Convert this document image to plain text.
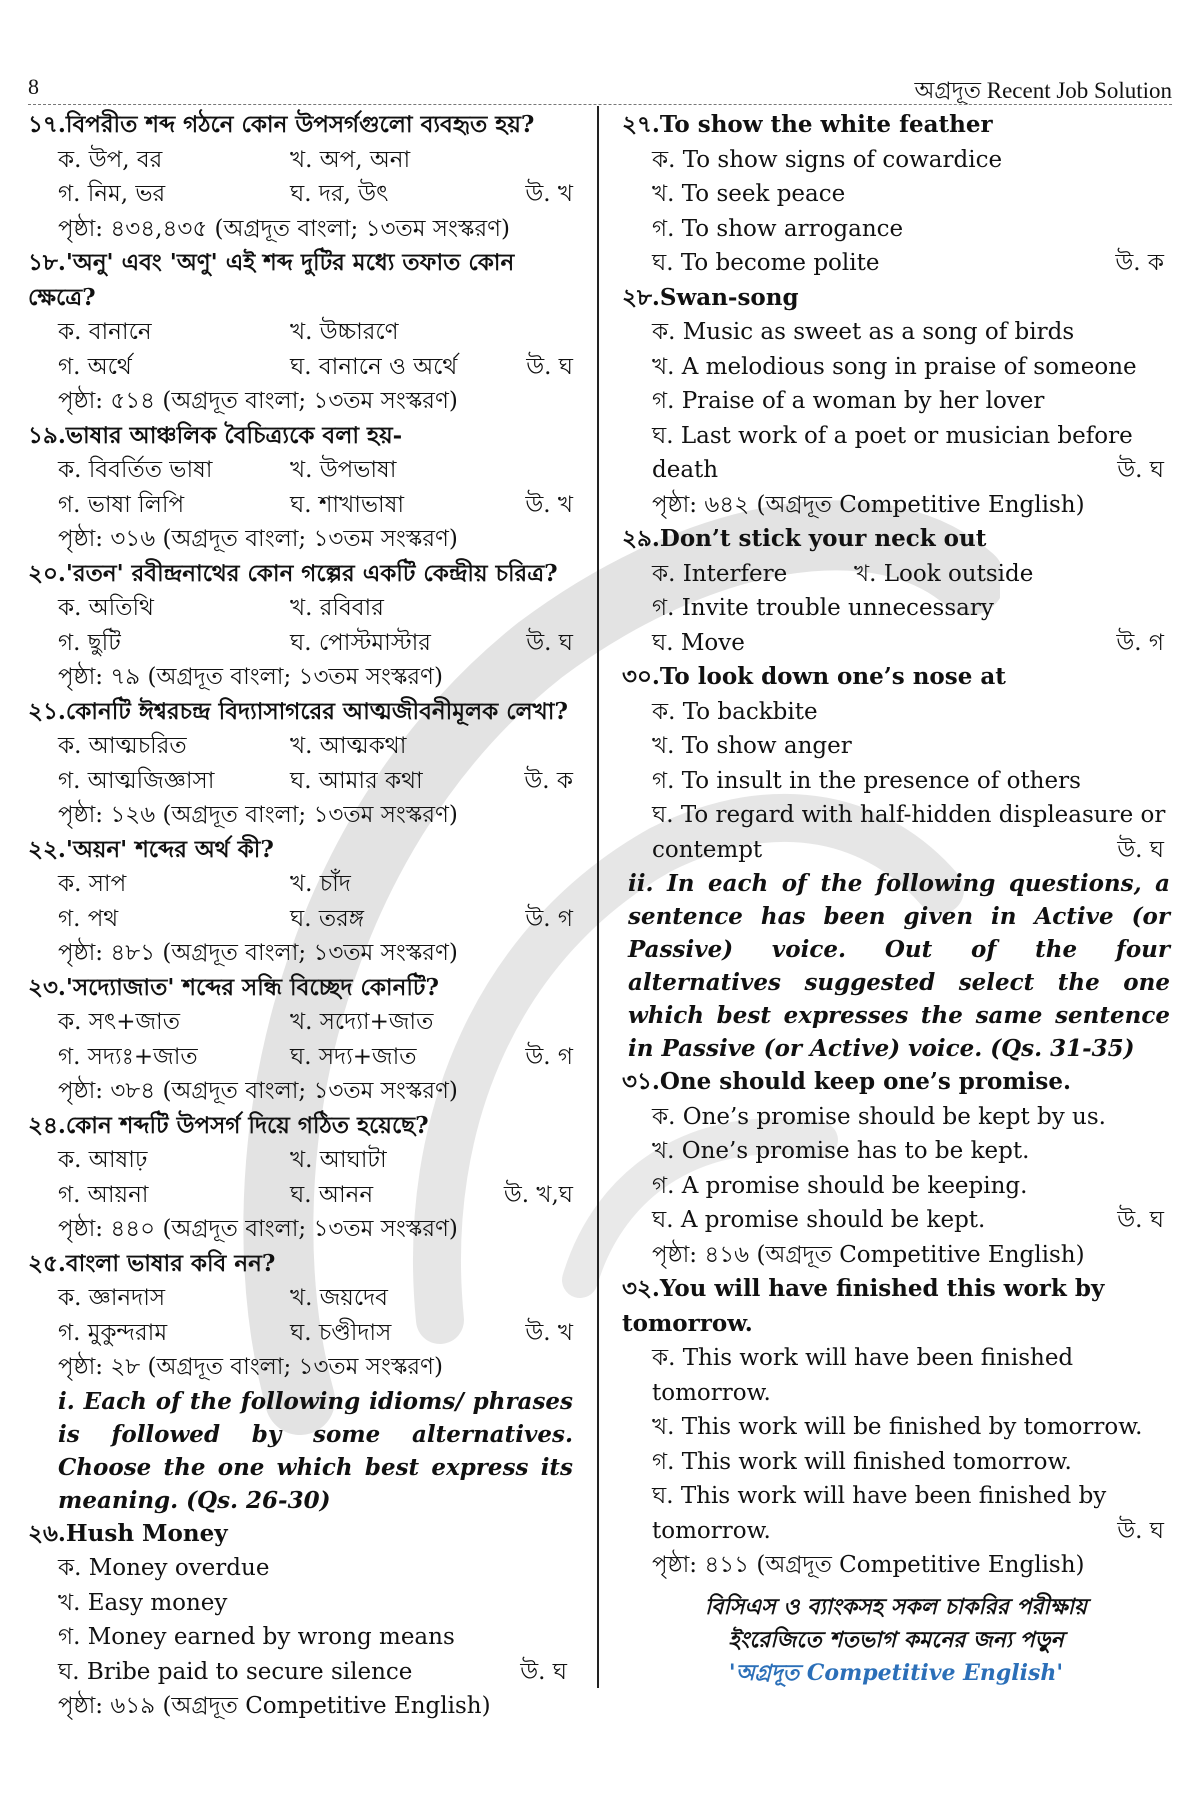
8	অগ্রদূত Recent Job Solution
১৭.বিপরীত শব্দ গঠনে কোন উপসর্গগুলো ব্যবহৃত হয়?
ক. উপ, বর	খ. অপ, অনা
গ. নিম, ভর	ঘ. দর, উৎ	উ. খ
পৃষ্ঠা: ৪৩৪,৪৩৫ (অগ্রদূত বাংলা; ১৩তম সংস্করণ)
১৮.'অনু' এবং 'অণু' এই শব্দ দুটির মধ্যে তফাত কোন ক্ষেত্রে?
ক. বানানে	খ. উচ্চারণে
গ. অর্থে	ঘ. বানানে ও অর্থে	উ. ঘ
পৃষ্ঠা: ৫১৪ (অগ্রদূত বাংলা; ১৩তম সংস্করণ)
১৯.ভাষার আঞ্চলিক বৈচিত্র্যকে বলা হয়-
ক. বিবর্তিত ভাষা	খ. উপভাষা
গ. ভাষা লিপি	ঘ. শাখাভাষা	উ. খ
পৃষ্ঠা: ৩১৬ (অগ্রদূত বাংলা; ১৩তম সংস্করণ)
২০.'রতন' রবীন্দ্রনাথের কোন গল্পের একটি কেন্দ্রীয় চরিত্র?
ক. অতিথি	খ. রবিবার
গ. ছুটি	ঘ. পোস্টমাস্টার	উ. ঘ
পৃষ্ঠা: ৭৯ (অগ্রদূত বাংলা; ১৩তম সংস্করণ)
২১.কোনটি ঈশ্বরচন্দ্র বিদ্যাসাগরের আত্মজীবনীমূলক লেখা?
ক. আত্মচরিত	খ. আত্মকথা
গ. আত্মজিজ্ঞাসা	ঘ. আমার কথা	উ. ক
পৃষ্ঠা: ১২৬ (অগ্রদূত বাংলা; ১৩তম সংস্করণ)
২২.'অয়ন' শব্দের অর্থ কী?
ক. সাপ	খ. চাঁদ
গ. পথ	ঘ. তরঙ্গ	উ. গ
পৃষ্ঠা: ৪৮১ (অগ্রদূত বাংলা; ১৩তম সংস্করণ)
২৩.'সদ্যোজাত' শব্দের সন্ধি বিচ্ছেদ কোনটি?
ক. সৎ+জাত	খ. সদ্যো+জাত
গ. সদ্যঃ+জাত	ঘ. সদ্য+জাত	উ. গ
পৃষ্ঠা: ৩৮৪ (অগ্রদূত বাংলা; ১৩তম সংস্করণ)
২৪.কোন শব্দটি উপসর্গ দিয়ে গঠিত হয়েছে?
ক. আষাঢ়	খ. আঘাটা
গ. আয়না	ঘ. আনন	উ. খ,ঘ
পৃষ্ঠা: ৪৪০ (অগ্রদূত বাংলা; ১৩তম সংস্করণ)
২৫.বাংলা ভাষার কবি নন?
ক. জ্ঞানদাস	খ. জয়দেব
গ. মুকুন্দরাম	ঘ. চণ্ডীদাস	উ. খ
পৃষ্ঠা: ২৮ (অগ্রদূত বাংলা; ১৩তম সংস্করণ)
i. Each of the following idioms/ phrases is followed by some alternatives. Choose the one which best express its meaning. (Qs. 26-30)
২৬.Hush Money
ক. Money overdue
খ. Easy money
গ. Money earned by wrong means
ঘ. Bribe paid to secure silence	উ. ঘ
পৃষ্ঠা: ৬১৯ (অগ্রদূত Competitive English)
২৭.To show the white feather
ক. To show signs of cowardice
খ. To seek peace
গ. To show arrogance
ঘ. To become polite	উ. ক
২৮.Swan-song
ক. Music as sweet as a song of birds
খ. A melodious song in praise of someone
গ. Praise of a woman by her lover
ঘ. Last work of a poet or musician before death	উ. ঘ
পৃষ্ঠা: ৬৪২ (অগ্রদূত Competitive English)
২৯.Don’t stick your neck out
ক. Interfere	খ. Look outside
গ. Invite trouble unnecessary
ঘ. Move	উ. গ
৩০.To look down one’s nose at
ক. To backbite
খ. To show anger
গ. To insult in the presence of others
ঘ. To regard with half-hidden displeasure or contempt	উ. ঘ
ii. In each of the following questions, a sentence has been given in Active (or Passive) voice. Out of the four alternatives suggested select the one which best expresses the same sentence in Passive (or Active) voice. (Qs. 31-35)
৩১.One should keep one’s promise.
ক. One’s promise should be kept by us.
খ. One’s promise has to be kept.
গ. A promise should be keeping.
ঘ. A promise should be kept.	উ. ঘ
পৃষ্ঠা: ৪১৬ (অগ্রদূত Competitive English)
৩২.You will have finished this work by tomorrow.
ক. This work will have been finished tomorrow.
খ. This work will be finished by tomorrow.
গ. This work will finished tomorrow.
ঘ. This work will have been finished by tomorrow.	উ. ঘ
পৃষ্ঠা: ৪১১ (অগ্রদূত Competitive English)
বিসিএস ও ব্যাংকসহ সকল চাকরির পরীক্ষায়
ইংরেজিতে শতভাগ কমনের জন্য পড়ুন
'অগ্রদূত Competitive English'
